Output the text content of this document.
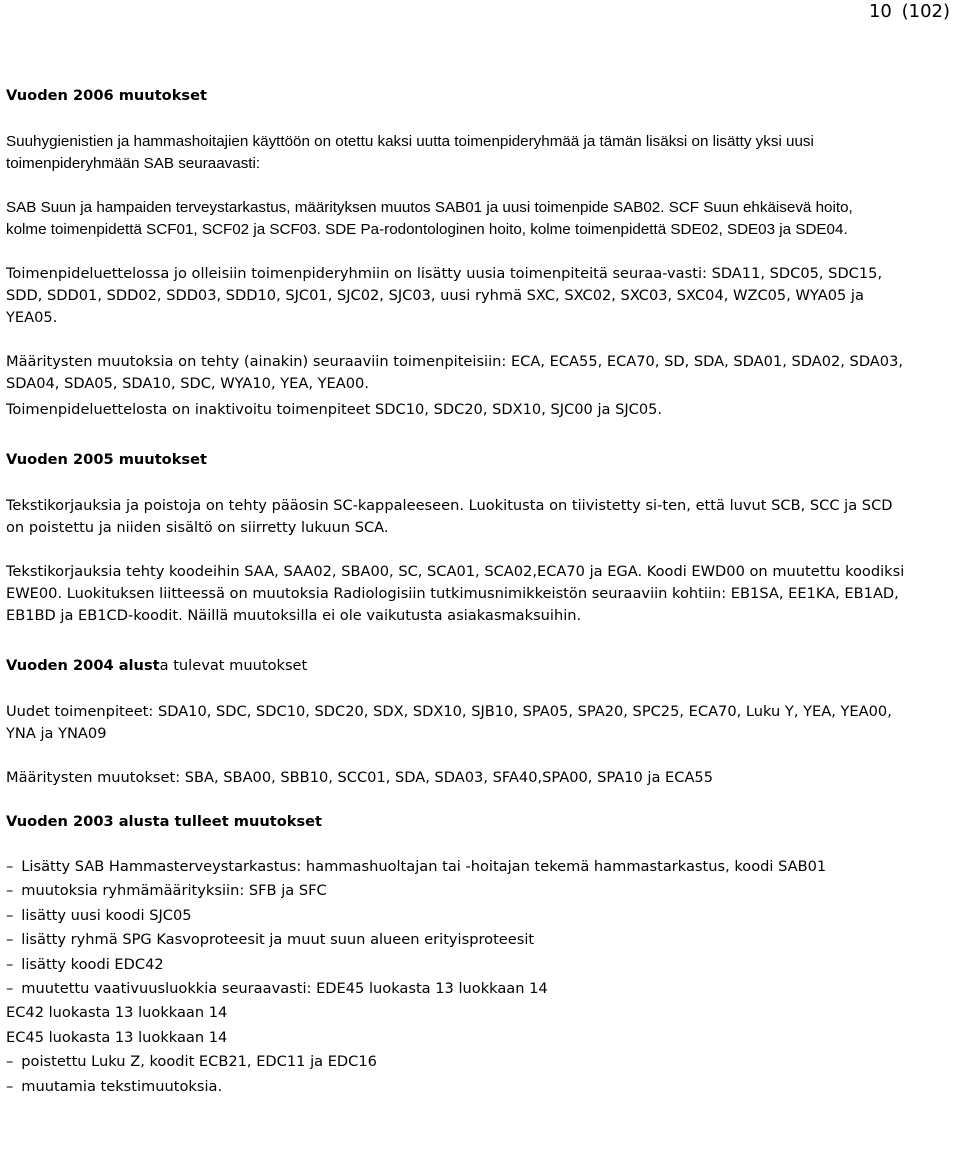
10 (102)

Vuoden 2006 muutokset

Suuhygienistien ja hammashoitajien käyttöön on otettu kaksi uutta toimenpideryhmää ja tämän lisäksi on lisätty yksi uusi toimenpideryhmään SAB seuraavasti:

SAB Suun ja hampaiden terveystarkastus, määrityksen muutos SAB01 ja uusi toimenpide SAB02. SCF Suun ehkäisevä hoito, kolme toimenpidettä SCF01, SCF02 ja SCF03. SDE Pa-rodontologinen hoito, kolme toimenpidettä SDE02, SDE03 ja SDE04.

Toimenpideluettelossa jo olleisiin toimenpideryhmiin on lisätty uusia toimenpiteitä seuraa-vasti: SDA11, SDC05, SDC15, SDD, SDD01, SDD02, SDD03, SDD10, SJC01, SJC02, SJC03, uusi ryhmä SXC, SXC02, SXC03, SXC04, WZC05, WYA05 ja YEA05.

Määritysten muutoksia on tehty (ainakin) seuraaviin toimenpiteisiin: ECA, ECA55, ECA70, SD, SDA, SDA01, SDA02, SDA03, SDA04, SDA05, SDA10, SDC, WYA10, YEA, YEA00.

Toimenpideluettelosta on inaktivoitu toimenpiteet SDC10, SDC20, SDX10, SJC00 ja SJC05.

Vuoden 2005 muutokset

Tekstikorjauksia ja poistoja on tehty pääosin SC-kappaleeseen. Luokitusta on tiivistetty si-ten, että luvut SCB, SCC ja SCD on poistettu ja niiden sisältö on siirretty lukuun SCA.

Tekstikorjauksia tehty koodeihin SAA, SAA02, SBA00, SC, SCA01, SCA02,ECA70 ja EGA. Koodi EWD00 on muutettu koodiksi EWE00. Luokituksen liitteessä on muutoksia Radiologisiin tutkimusnimikkeistön seuraaviin kohtiin: EB1SA, EE1KA, EB1AD, EB1BD ja EB1CD-koodit. Näillä muutoksilla ei ole vaikutusta asiakasmaksuihin.

Vuoden 2004 alusta tulevat muutokset

Uudet toimenpiteet: SDA10, SDC, SDC10, SDC20, SDX, SDX10, SJB10, SPA05, SPA20, SPC25, ECA70, Luku Y, YEA, YEA00, YNA ja YNA09

Määritysten muutokset: SBA, SBA00, SBB10, SCC01, SDA, SDA03, SFA40,SPA00, SPA10 ja ECA55

Vuoden 2003 alusta tulleet muutokset

– Lisätty SAB Hammasterveystarkastus: hammashuoltajan tai -hoitajan tekemä hammastarkastus, koodi SAB01

– muutoksia ryhmämäärityksiin: SFB ja SFC

– lisätty uusi koodi SJC05

– lisätty ryhmä SPG Kasvoproteesit ja muut suun alueen erityisproteesit

– lisätty koodi EDC42

– muutettu vaativuusluokkia seuraavasti: EDE45 luokasta 13 luokkaan 14

EC42 luokasta 13 luokkaan 14

EC45 luokasta 13 luokkaan 14

– poistettu Luku Z, koodit ECB21, EDC11 ja EDC16

– muutamia tekstimuutoksia.
